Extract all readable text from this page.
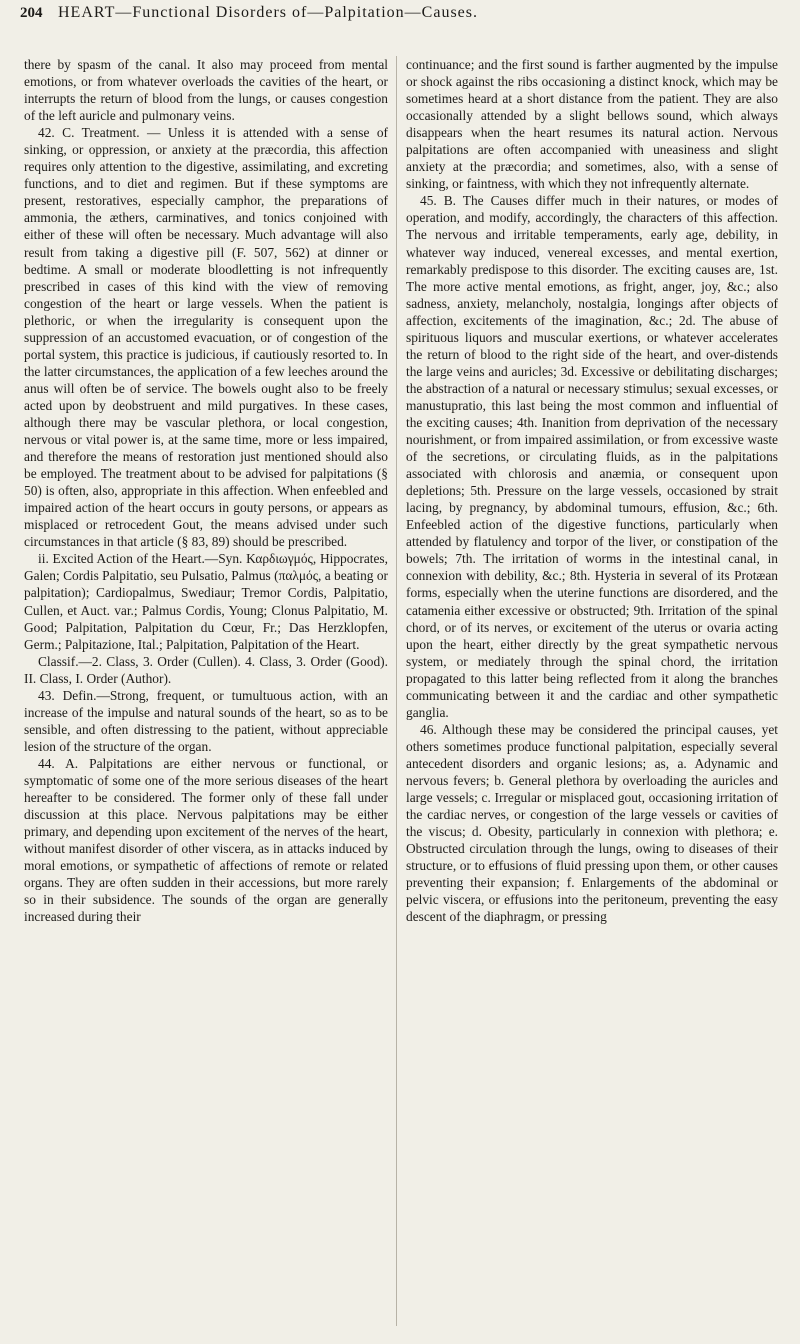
204 HEART—Functional Disorders of—Palpitation—Causes.

there by spasm of the canal. It also may proceed from mental emotions, or from whatever overloads the cavities of the heart, or interrupts the return of blood from the lungs, or causes congestion of the left auricle and pulmonary veins.

42. C. Treatment. — Unless it is attended with a sense of sinking, or oppression, or anxiety at the præcordia, this affection requires only attention to the digestive, assimilating, and excreting functions, and to diet and regimen. But if these symptoms are present, restoratives, especially camphor, the preparations of ammonia, the æthers, carminatives, and tonics conjoined with either of these will often be necessary. Much advantage will also result from taking a digestive pill (F. 507, 562) at dinner or bedtime. A small or moderate bloodletting is not infrequently prescribed in cases of this kind with the view of removing congestion of the heart or large vessels. When the patient is plethoric, or when the irregularity is consequent upon the suppression of an accustomed evacuation, or of congestion of the portal system, this practice is judicious, if cautiously resorted to. In the latter circumstances, the application of a few leeches around the anus will often be of service. The bowels ought also to be freely acted upon by deobstruent and mild purgatives. In these cases, although there may be vascular plethora, or local congestion, nervous or vital power is, at the same time, more or less impaired, and therefore the means of restoration just mentioned should also be employed. The treatment about to be advised for palpitations (§ 50) is often, also, appropriate in this affection. When enfeebled and impaired action of the heart occurs in gouty persons, or appears as misplaced or retrocedent Gout, the means advised under such circumstances in that article (§ 83, 89) should be prescribed.

ii. Excited Action of the Heart.—Syn. Καρδιωγμός, Hippocrates, Galen; Cordis Palpitatio, seu Pulsatio, Palmus (παλμός, a beating or palpitation); Cardiopalmus, Swediaur; Tremor Cordis, Palpitatio, Cullen, et Auct. var.; Palmus Cordis, Young; Clonus Palpitatio, M. Good; Palpitation, Palpitation du Cœur, Fr.; Das Herzklopfen, Germ.; Palpitazione, Ital.; Palpitation, Palpitation of the Heart.

Classif.—2. Class, 3. Order (Cullen). 4. Class, 3. Order (Good). II. Class, I. Order (Author).

43. Defin.—Strong, frequent, or tumultuous action, with an increase of the impulse and natural sounds of the heart, so as to be sensible, and often distressing to the patient, without appreciable lesion of the structure of the organ.

44. A. Palpitations are either nervous or functional, or symptomatic of some one of the more serious diseases of the heart hereafter to be considered. The former only of these fall under discussion at this place. Nervous palpitations may be either primary, and depending upon excitement of the nerves of the heart, without manifest disorder of other viscera, as in attacks induced by moral emotions, or sympathetic of affections of remote or related organs. They are often sudden in their accessions, but more rarely so in their subsidence. The sounds of the organ are generally increased during their

continuance; and the first sound is farther augmented by the impulse or shock against the ribs occasioning a distinct knock, which may be sometimes heard at a short distance from the patient. They are also occasionally attended by a slight bellows sound, which always disappears when the heart resumes its natural action. Nervous palpitations are often accompanied with uneasiness and slight anxiety at the præcordia; and sometimes, also, with a sense of sinking, or faintness, with which they not infrequently alternate.

45. B. The Causes differ much in their natures, or modes of operation, and modify, accordingly, the characters of this affection. The nervous and irritable temperaments, early age, debility, in whatever way induced, venereal excesses, and mental exertion, remarkably predispose to this disorder. The exciting causes are, 1st. The more active mental emotions, as fright, anger, joy, &c.; also sadness, anxiety, melancholy, nostalgia, longings after objects of affection, excitements of the imagination, &c.; 2d. The abuse of spirituous liquors and muscular exertions, or whatever accelerates the return of blood to the right side of the heart, and over-distends the large veins and auricles; 3d. Excessive or debilitating discharges; the abstraction of a natural or necessary stimulus; sexual excesses, or manustupratio, this last being the most common and influential of the exciting causes; 4th. Inanition from deprivation of the necessary nourishment, or from impaired assimilation, or from excessive waste of the secretions, or circulating fluids, as in the palpitations associated with chlorosis and anæmia, or consequent upon depletions; 5th. Pressure on the large vessels, occasioned by strait lacing, by pregnancy, by abdominal tumours, effusion, &c.; 6th. Enfeebled action of the digestive functions, particularly when attended by flatulency and torpor of the liver, or constipation of the bowels; 7th. The irritation of worms in the intestinal canal, in connexion with debility, &c.; 8th. Hysteria in several of its Protæan forms, especially when the uterine functions are disordered, and the catamenia either excessive or obstructed; 9th. Irritation of the spinal chord, or of its nerves, or excitement of the uterus or ovaria acting upon the heart, either directly by the great sympathetic nervous system, or mediately through the spinal chord, the irritation propagated to this latter being reflected from it along the branches communicating between it and the cardiac and other sympathetic ganglia.

46. Although these may be considered the principal causes, yet others sometimes produce functional palpitation, especially several antecedent disorders and organic lesions; as, a. Adynamic and nervous fevers; b. General plethora by overloading the auricles and large vessels; c. Irregular or misplaced gout, occasioning irritation of the cardiac nerves, or congestion of the large vessels or cavities of the viscus; d. Obesity, particularly in connexion with plethora; e. Obstructed circulation through the lungs, owing to diseases of their structure, or to effusions of fluid pressing upon them, or other causes preventing their expansion; f. Enlargements of the abdominal or pelvic viscera, or effusions into the peritoneum, preventing the easy descent of the diaphragm, or pressing
